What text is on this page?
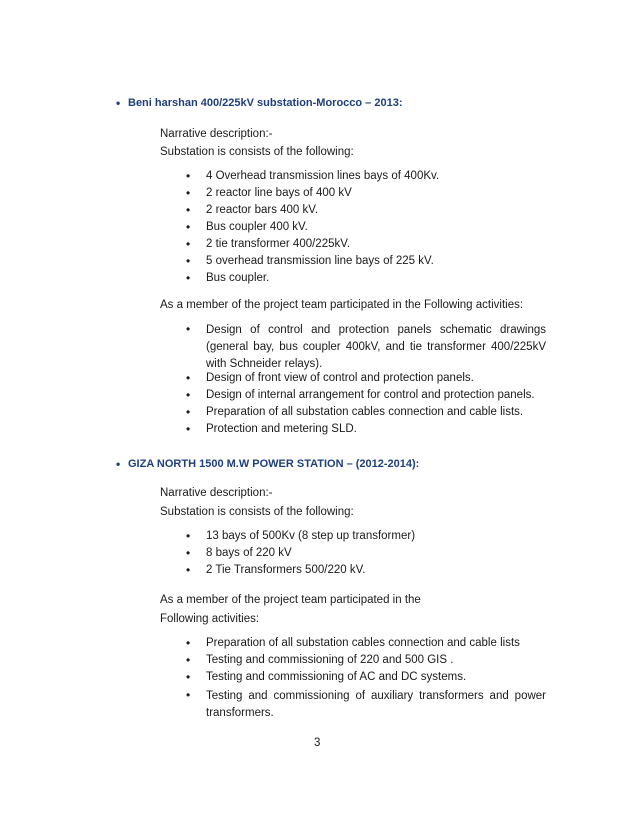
• Beni harshan 400/225kV substation-Morocco – 2013:
Narrative description:-
Substation is consists of the following:
• 4 Overhead transmission lines bays of 400Kv.
• 2 reactor line bays of 400 kV
• 2 reactor bars 400 kV.
• Bus coupler 400 kV.
• 2 tie transformer 400/225kV.
• 5 overhead transmission line bays of 225 kV.
• Bus coupler.
As a member of the project team participated in the Following activities:
• Design of control and protection panels schematic drawings (general bay, bus coupler 400kV, and tie transformer 400/225kV with Schneider relays).
• Design of front view of control and protection panels.
• Design of internal arrangement for control and protection panels.
• Preparation of all substation cables connection and cable lists.
• Protection and metering SLD.
• GIZA NORTH 1500 M.W POWER STATION – (2012-2014):
Narrative description:-
Substation is consists of the following:
• 13 bays of 500Kv (8 step up transformer)
• 8 bays of 220 kV
• 2 Tie Transformers 500/220 kV.
As a member of the project team participated in the
Following activities:
• Preparation of all substation cables connection and cable lists
• Testing and commissioning of 220 and 500 GIS .
• Testing and commissioning of AC and DC systems.
• Testing and commissioning of auxiliary transformers and power transformers.
3
